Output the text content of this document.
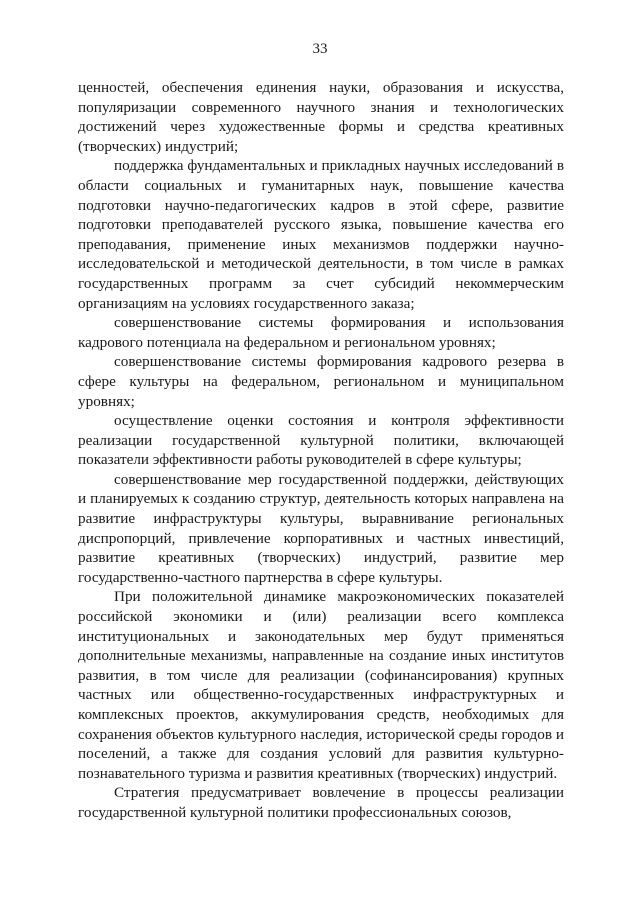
33

ценностей, обеспечения единения науки, образования и искусства, популяризации современного научного знания и технологических достижений через художественные формы и средства креативных (творческих) индустрий;

поддержка фундаментальных и прикладных научных исследований в области социальных и гуманитарных наук, повышение качества подготовки научно-педагогических кадров в этой сфере, развитие подготовки преподавателей русского языка, повышение качества его преподавания, применение иных механизмов поддержки научно-исследовательской и методической деятельности, в том числе в рамках государственных программ за счет субсидий некоммерческим организациям на условиях государственного заказа;

совершенствование системы формирования и использования кадрового потенциала на федеральном и региональном уровнях;

совершенствование системы формирования кадрового резерва в сфере культуры на федеральном, региональном и муниципальном уровнях;

осуществление оценки состояния и контроля эффективности реализации государственной культурной политики, включающей показатели эффективности работы руководителей в сфере культуры;

совершенствование мер государственной поддержки, действующих и планируемых к созданию структур, деятельность которых направлена на развитие инфраструктуры культуры, выравнивание региональных диспропорций, привлечение корпоративных и частных инвестиций, развитие креативных (творческих) индустрий, развитие мер государственно-частного партнерства в сфере культуры.

При положительной динамике макроэкономических показателей российской экономики и (или) реализации всего комплекса институциональных и законодательных мер будут применяться дополнительные механизмы, направленные на создание иных институтов развития, в том числе для реализации (софинансирования) крупных частных или общественно-государственных инфраструктурных и комплексных проектов, аккумулирования средств, необходимых для сохранения объектов культурного наследия, исторической среды городов и поселений, а также для создания условий для развития культурно-познавательного туризма и развития креативных (творческих) индустрий.

Стратегия предусматривает вовлечение в процессы реализации государственной культурной политики профессиональных союзов,
